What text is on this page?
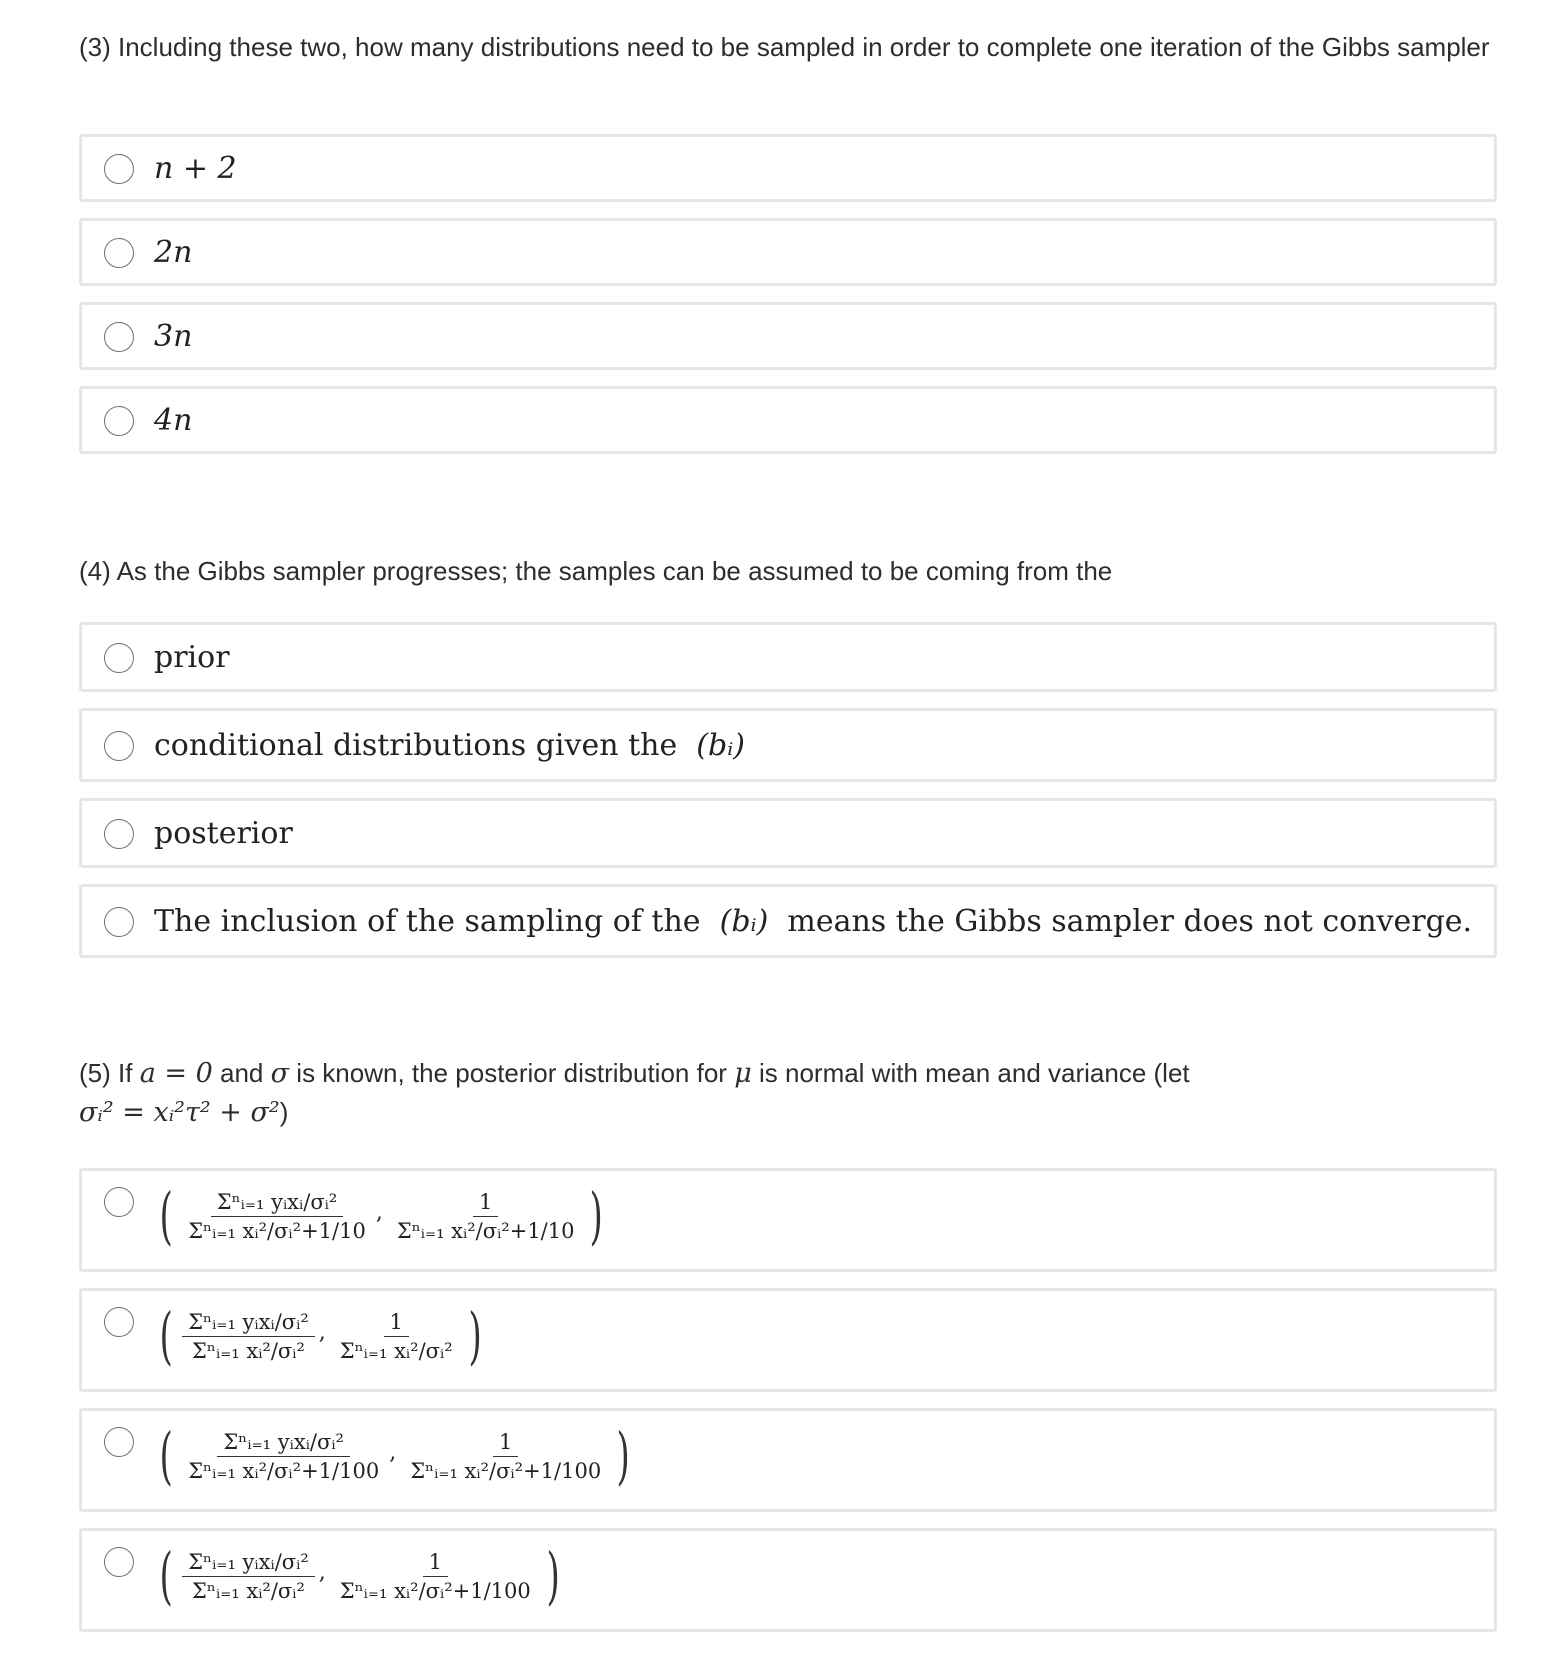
(3) Including these two, how many distributions need to be sampled in order to complete one iteration of the Gibbs sampler

n + 2
2n
3n
4n

(4) As the Gibbs sampler progresses; the samples can be assumed to be coming from the

prior
conditional distributions given the (bᵢ)
posterior
The inclusion of the sampling of the (bᵢ) means the Gibbs sampler does not converge.

(5) If a = 0 and σ is known, the posterior distribution for μ is normal with mean and variance (let
σᵢ² = xᵢ²τ² + σ²)

( $\frac{\text{Σⁿᵢ₌₁ yᵢxᵢ/σᵢ²}}{\text{Σⁿᵢ₌₁ xᵢ²/σᵢ²+1/10}}$ , $\frac{1}{\text{Σⁿᵢ₌₁ xᵢ²/σᵢ²+1/10}}$ )
( $\frac{\text{Σⁿᵢ₌₁ yᵢxᵢ/σᵢ²}}{\text{Σⁿᵢ₌₁ xᵢ²/σᵢ²}}$ , $\frac{1}{\text{Σⁿᵢ₌₁ xᵢ²/σᵢ²}}$ )
( $\frac{\text{Σⁿᵢ₌₁ yᵢxᵢ/σᵢ²}}{\text{Σⁿᵢ₌₁ xᵢ²/σᵢ²+1/100}}$ , $\frac{1}{\text{Σⁿᵢ₌₁ xᵢ²/σᵢ²+1/100}}$ )
( $\frac{\text{Σⁿᵢ₌₁ yᵢxᵢ/σᵢ²}}{\text{Σⁿᵢ₌₁ xᵢ²/σᵢ²}}$ , $\frac{1}{\text{Σⁿᵢ₌₁ xᵢ²/σᵢ²+1/100}}$ )
